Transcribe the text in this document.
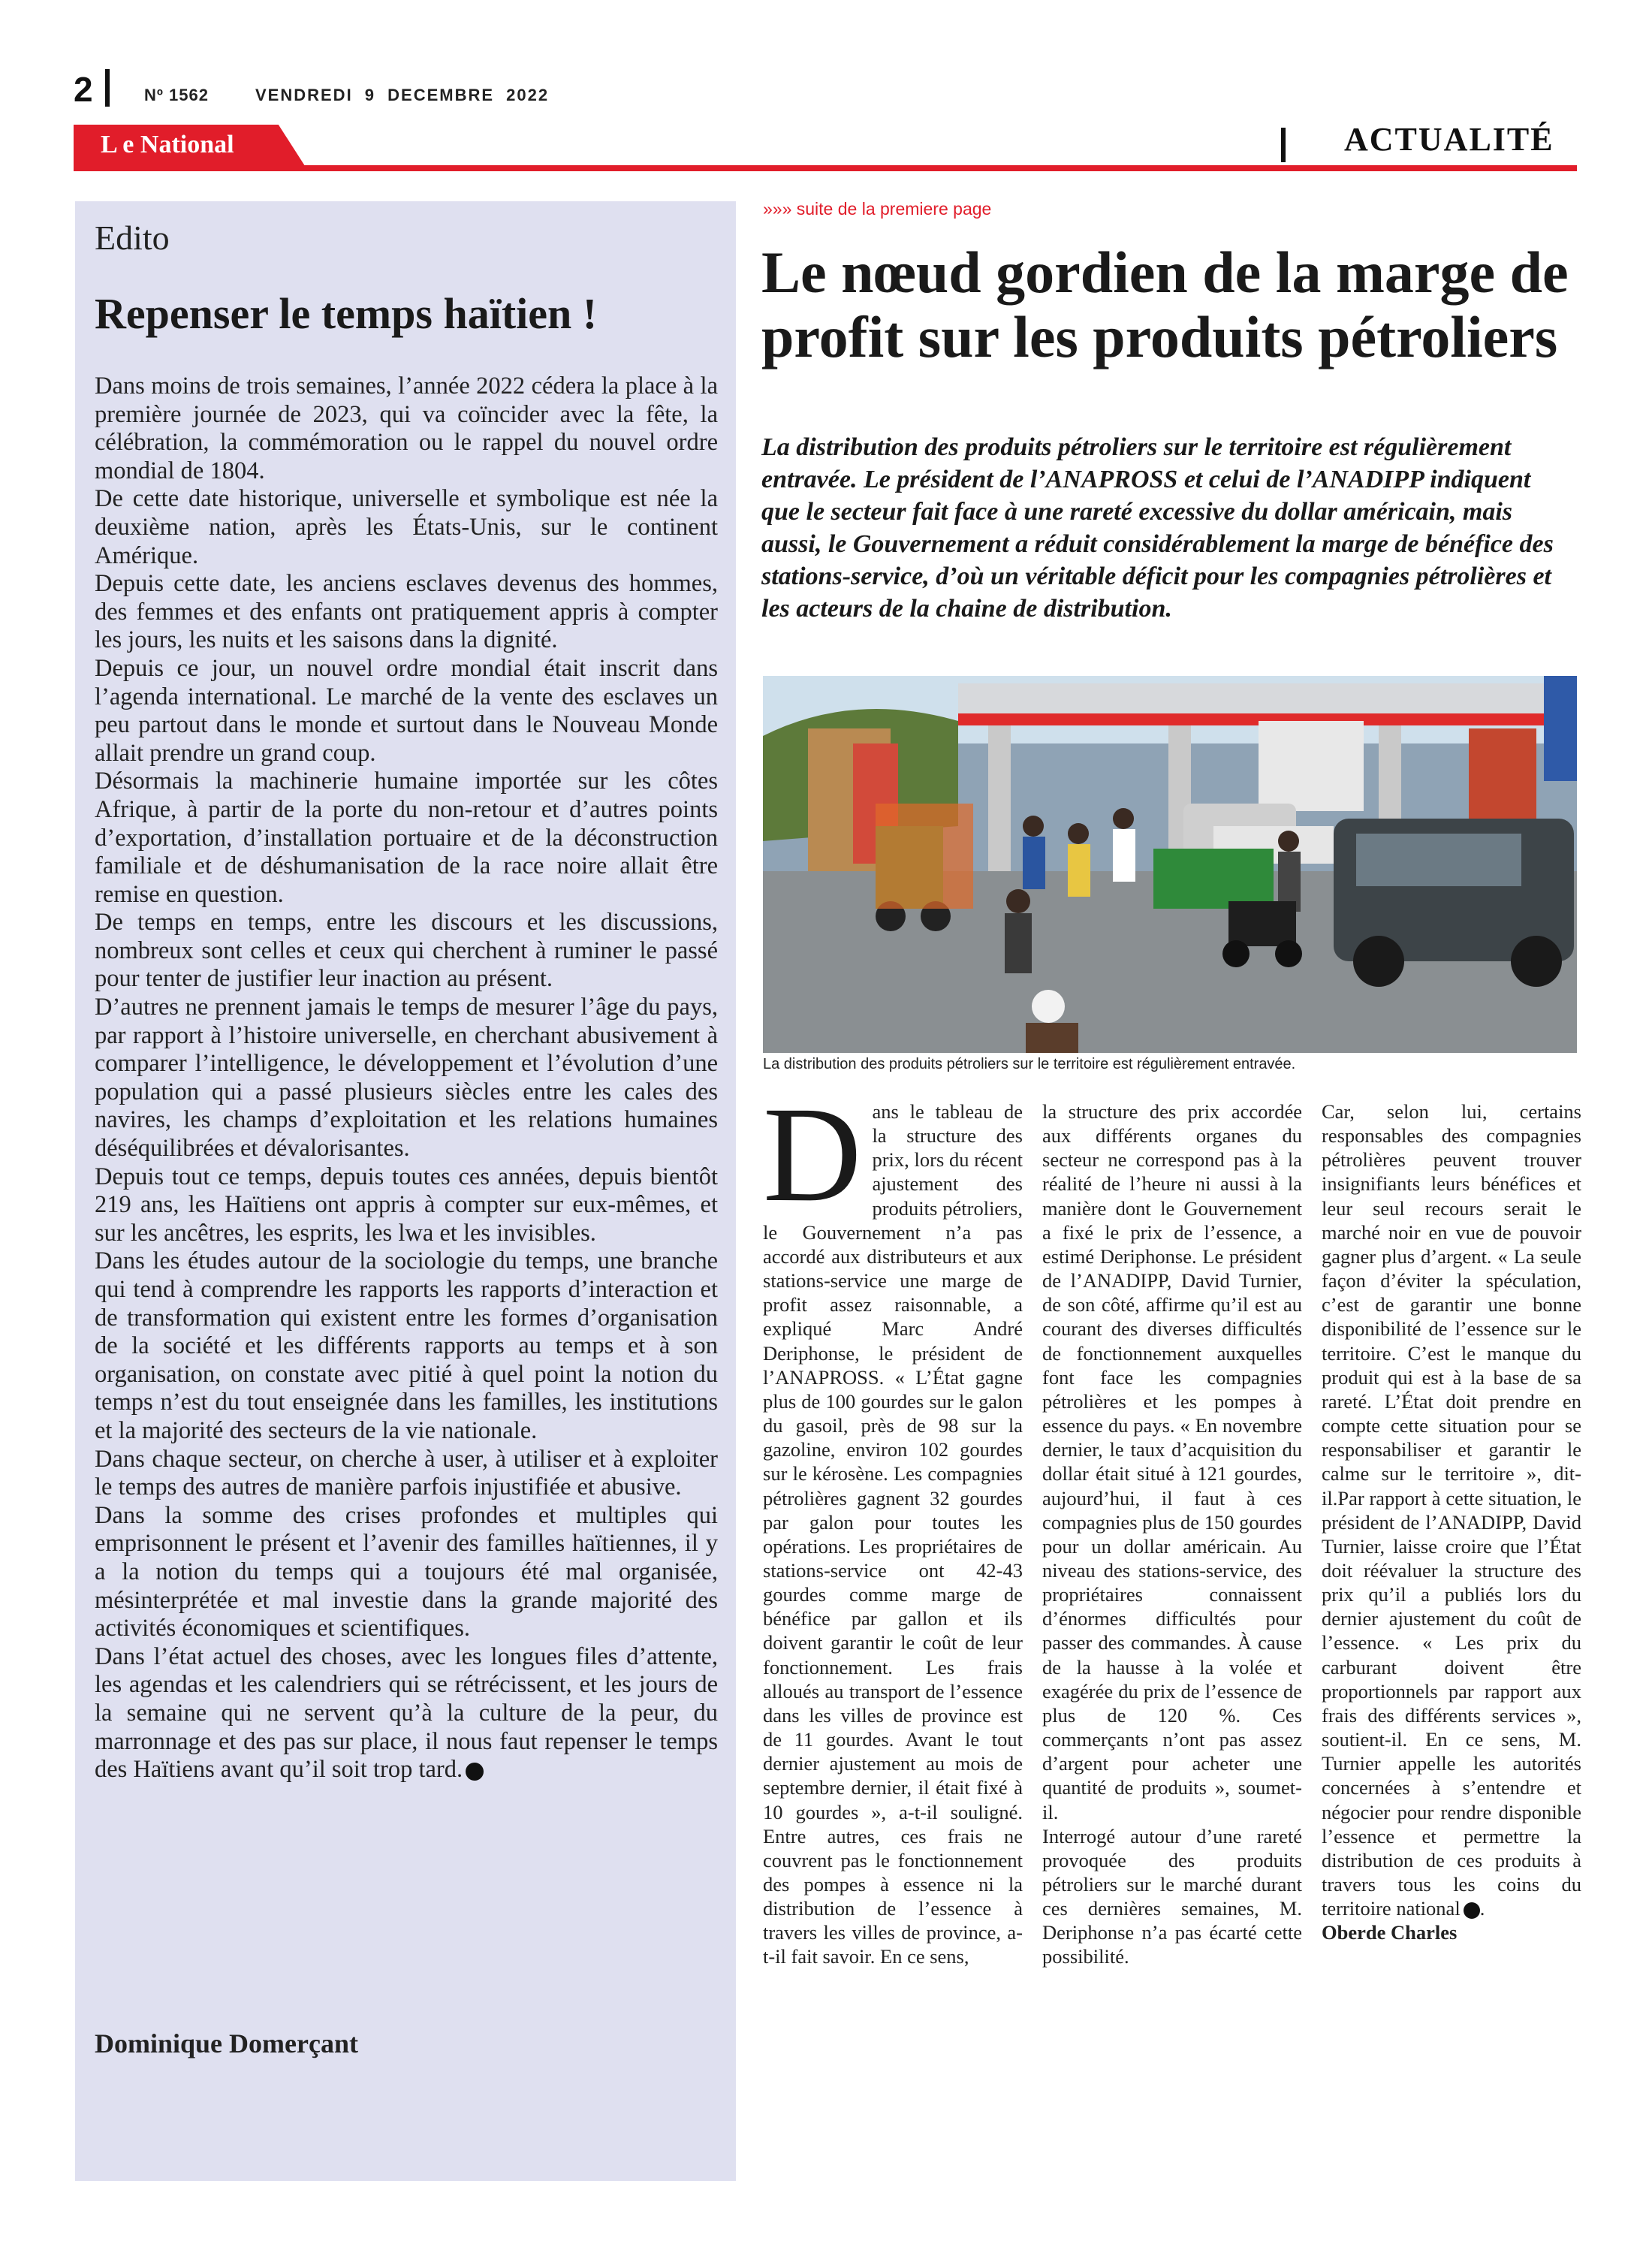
2	Nº 1562	VENDREDI 9 DECEMBRE 2022
L e National	ACTUALITÉ
Edito
Repenser le temps haïtien !

Dans moins de trois semaines, l’année 2022 cédera la place à la première journée de 2023, qui va coïncider avec la fête, la célébration, la commémoration ou le rappel du nouvel ordre mondial de 1804.

De cette date historique, universelle et symbolique est née la deuxième nation, après les États-Unis, sur le continent Amérique.

Depuis cette date, les anciens esclaves devenus des hommes, des femmes et des enfants ont pratiquement appris à compter les jours, les nuits et les saisons dans la dignité.

Depuis ce jour, un nouvel ordre mondial était inscrit dans l’agenda international. Le marché de la vente des esclaves un peu partout dans le monde et surtout dans le Nouveau Monde allait prendre un grand coup.

Désormais la machinerie humaine importée sur les côtes Afrique, à partir de la porte du non-retour et d’autres points d’exportation, d’installation portuaire et de la déconstruction familiale et de déshumanisation de la race noire allait être remise en question.

De temps en temps, entre les discours et les discussions, nombreux sont celles et ceux qui cherchent à ruminer le passé pour tenter de justifier leur inaction au présent.

D’autres ne prennent jamais le temps de mesurer l’âge du pays, par rapport à l’histoire universelle, en cherchant abusivement à comparer l’intelligence, le développement et l’évolution d’une population qui a passé plusieurs siècles entre les cales des navires, les champs d’exploitation et les relations humaines déséquilibrées et dévalorisantes.

Depuis tout ce temps, depuis toutes ces années, depuis bientôt 219 ans, les Haïtiens ont appris à compter sur eux-mêmes, et sur les ancêtres, les esprits, les lwa et les invisibles.

Dans les études autour de la sociologie du temps, une branche qui tend à comprendre les rapports les rapports d’interaction et de transformation qui existent entre les formes d’organisation de la société et les différents rapports au temps et à son organisation, on constate avec pitié à quel point la notion du temps n’est du tout enseignée dans les familles, les institutions et la majorité des secteurs de la vie nationale.

Dans chaque secteur, on cherche à user, à utiliser et à exploiter le temps des autres de manière parfois injustifiée et abusive.

Dans la somme des crises profondes et multiples qui emprisonnent le présent et l’avenir des familles haïtiennes, il y a la notion du temps qui a toujours été mal organisée, mésinterprétée et mal investie dans la grande majorité des activités économiques et scientifiques.

Dans l’état actuel des choses, avec les longues files d’attente, les agendas et les calendriers qui se rétrécissent, et les jours de la semaine qui ne servent qu’à la culture de la peur, du marronnage et des pas sur place, il nous faut repenser le temps des Haïtiens avant qu’il soit trop tard.

Dominique Domerçant
»»» suite de la premiere page
Le nœud gordien de la marge de profit sur les produits pétroliers
La distribution des produits pétroliers sur le territoire est régulièrement entravée. Le président de l’ANAPROSS et celui de l’ANADIPP indiquent que le secteur fait face à une rareté excessive du dollar américain, mais aussi, le Gouvernement a réduit considérablement la marge de bénéfice des stations-service, d’où un véritable déficit pour les compagnies pétrolières et les acteurs de la chaine de distribution.
La distribution des produits pétroliers sur le territoire est régulièrement entravée.
Dans le tableau de la structure des prix, lors du récent ajustement des produits pétroliers, le Gouvernement n’a pas accordé aux distributeurs et aux stations-service une marge de profit assez raisonnable, a expliqué Marc André Deriphonse, le président de l’ANAPROSS. « L’État gagne plus de 100 gourdes sur le galon du gasoil, près de 98 sur la gazoline, environ 102 gourdes sur le kérosène. Les compagnies pétrolières gagnent 32 gourdes par galon pour toutes les opérations. Les propriétaires de stations-service ont 42-43 gourdes comme marge de bénéfice par gallon et ils doivent garantir le coût de leur fonctionnement. Les frais alloués au transport de l’essence dans les villes de province est de 11 gourdes. Avant le tout dernier ajustement au mois de septembre dernier, il était fixé à 10 gourdes », a-t-il souligné. Entre autres, ces frais ne couvrent pas le fonctionnement des pompes à essence ni la distribution de l’essence à travers les villes de province, a-t-il fait savoir. En ce sens,

la structure des prix accordée aux différents organes du secteur ne correspond pas à la réalité de l’heure ni aussi à la manière dont le Gouvernement a fixé le prix de l’essence, a estimé Deriphonse. Le président de l’ANADIPP, David Turnier, de son côté, affirme qu’il est au courant des diverses difficultés de fonctionnement auxquelles font face les compagnies pétrolières et les pompes à essence du pays. « En novembre dernier, le taux d’acquisition du dollar était situé à 121 gourdes, aujourd’hui, il faut à ces compagnies plus de 150 gourdes pour un dollar américain. Au niveau des stations-service, des propriétaires connaissent d’énormes difficultés pour passer des commandes. À cause de la hausse à la volée et exagérée du prix de l’essence de plus de 120 %. Ces commerçants n’ont pas assez d’argent pour acheter une quantité de produits », soumet-il.

Interrogé autour d’une rareté provoquée des produits pétroliers sur le marché durant ces dernières semaines, M. Deriphonse n’a pas écarté cette possibilité.

Car, selon lui, certains responsables des compagnies pétrolières peuvent trouver insignifiants leurs bénéfices et leur seul recours serait le marché noir en vue de pouvoir gagner plus d’argent. « La seule façon d’éviter la spéculation, c’est de garantir une bonne disponibilité de l’essence sur le territoire. C’est le manque du produit qui est à la base de sa rareté. L’État doit prendre en compte cette situation pour se responsabiliser et garantir le calme sur le territoire », dit-il.Par rapport à cette situation, le président de l’ANADIPP, David Turnier, laisse croire que l’État doit réévaluer la structure des prix qu’il a publiés lors du dernier ajustement du coût de l’essence. « Les prix du carburant doivent être proportionnels par rapport aux frais des différents services », soutient-il. En ce sens, M. Turnier appelle les autorités concernées à s’entendre et négocier pour rendre disponible l’essence et permettre la distribution de ces produits à travers tous les coins du territoire national .

Oberde Charles
